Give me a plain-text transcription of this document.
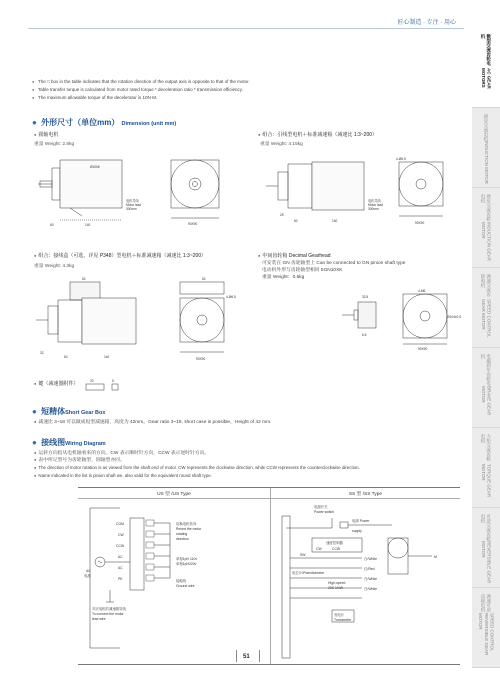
匠心制造 · 专注 · 用心
微型交流齿轮电机
AC GEAR MOTORS
感应交流电机
INDUCTION MOTOR
感应交流齿轮电机
INDUCTION GEAR MOTOR
调速交流齿轮电机
SPEED CONTROL GEAR MOTOR
电磁刹车齿轮电机
BRAKE GEAR MOTOR
力矩交流齿轮电机
TORQUE GEAR MOTOR
可逆交流齿轮电机
REVERSIBLE GEAR MOTOR
调速可逆齿轮电机
SPEED CONTROL REVERSIBLE GEAR MOTOR
● The □ box in the table indicates that the rotation direction of the output axis is opposite to that of the motor.
● Table transfer torque is calculated from motor rated torque * deceleration ratio * transmission efficiency.
● The maximum allowable torque of the decelerator is 10N·M.
● 外形尺寸（单位mm） Dimension (unit mm)
● 圆轴电机
重量 Weight: 2.8kg
● 组合：引线型电机＋标准减速箱（减速比 1:3~200）
重量 Weight: 4.15kg
140
60	90X90
Ø10h6
电机导线
Motor lead
300mm
25
60	140	90X90
4-Ø6.5
电机导线
Motor lead
300mm
● 组合：接线盒（可选、详见 P348）型电机＋标准减速箱（减速比 1:3~200）
重量 Weight: 4.3kg
● 中间齿轮箱 Decimal Gearhead
可安装在 GN 齿轮轴型上 Can be connected to GN pinion shaft type
电动机外形与齿轮轴型相同 5GN10XK
重量 Weight：0.6kg
62
32
60	140	90X90
62
4-Ø6.5	33.5
6.5
4-M6
Ø104±0.5
90X90
● 键（减速器附件）	20	5
● 短精体Short Gear Box
● 减速比 3~18 可以做成短型减速箱，高度为 42mm。Gear ratio 3~18, short case is possible，Height of 42 mm.
● 接线图Wiring Diagram
● 运转方向指从电机轴看来的方向。CW 表示顺时针方向，CCW 表示逆时针方向。
● 表中所记型号为齿轮轴型，圆轴型亦同。
● The direction of motor rotation is as viewed from the shaft end of motor. CW represents the clockwise direction, while CCW represents the counterclockwise direction.
● Name indicated in the list is pinion shaft we, also valid for the equivalent round shaft type.
US 型 /US Type	SS 型 /SS Type

COM
CW
CCW
AC
AC
PE
AC
电源
切换电机转向
Revert the motor
rotating
direction
单相1pH 110v
单相1pH220v
接地线
Ground wire
对应电机的减速箱导线
To connect the motor
lead wire
电源开关
Power switch
电源 Power
supply
速度控制器
CW	CCW
SW
白/White
红/Red
电位计/Potentiometer
High-speed
20K 1/4W
白/White
白/White
发电计
Tumometer
M
51
